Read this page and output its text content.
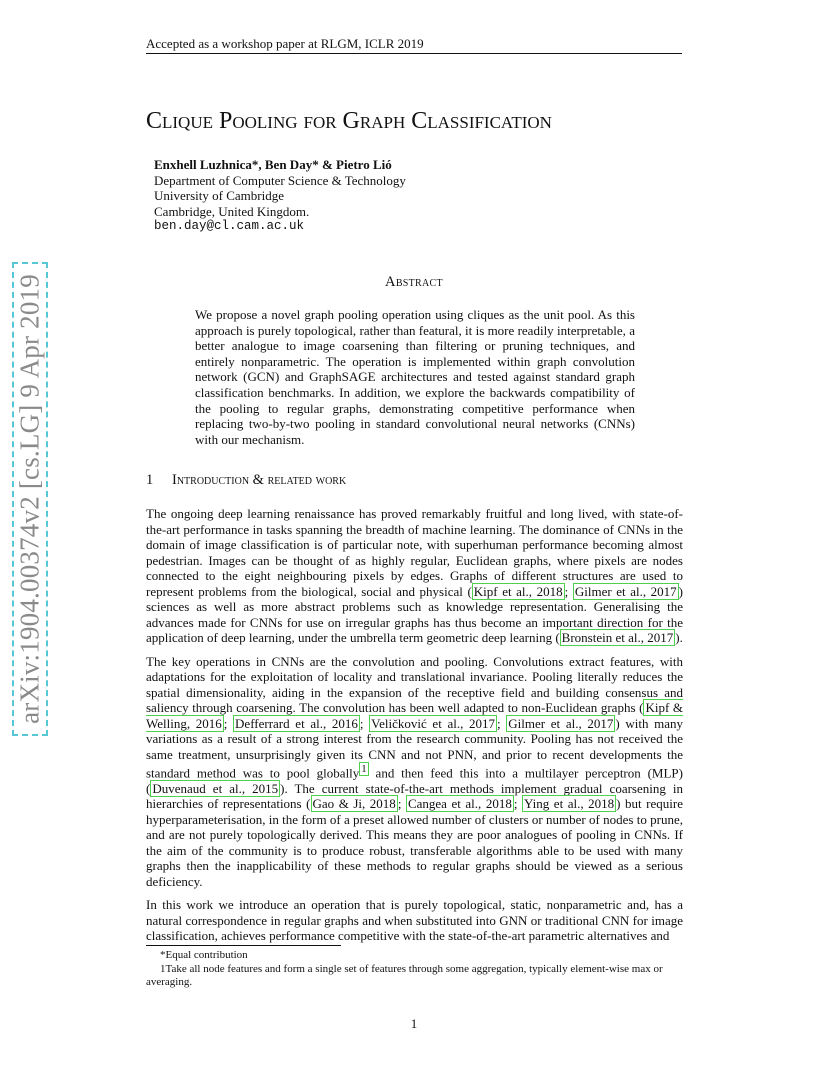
Accepted as a workshop paper at RLGM, ICLR 2019
arXiv:1904.00374v2 [cs.LG] 9 Apr 2019
Clique Pooling for Graph Classification
Enxhell Luzhnica*, Ben Day* & Pietro Lió
Department of Computer Science & Technology
University of Cambridge
Cambridge, United Kingdom.
ben.day@cl.cam.ac.uk
Abstract
We propose a novel graph pooling operation using cliques as the unit pool. As this approach is purely topological, rather than featural, it is more readily interpretable, a better analogue to image coarsening than filtering or pruning techniques, and entirely nonparametric. The operation is implemented within graph convolution network (GCN) and GraphSAGE architectures and tested against standard graph classification benchmarks. In addition, we explore the backwards compatibility of the pooling to regular graphs, demonstrating competitive performance when replacing two-by-two pooling in standard convolutional neural networks (CNNs) with our mechanism.
1 Introduction & related work

The ongoing deep learning renaissance has proved remarkably fruitful and long lived, with state-of-the-art performance in tasks spanning the breadth of machine learning. The dominance of CNNs in the domain of image classification is of particular note, with superhuman performance becoming almost pedestrian. Images can be thought of as highly regular, Euclidean graphs, where pixels are nodes connected to the eight neighbouring pixels by edges. Graphs of different structures are used to represent problems from the biological, social and physical ( Kipf et al., 2018 ; Gilmer et al., 2017 ) sciences as well as more abstract problems such as knowledge representation. Generalising the advances made for CNNs for use on irregular graphs has thus become an important direction for the application of deep learning, under the umbrella term geometric deep learning ( Bronstein et al., 2017 ).

The key operations in CNNs are the convolution and pooling. Convolutions extract features, with adaptations for the exploitation of locality and translational invariance. Pooling literally reduces the spatial dimensionality, aiding in the expansion of the receptive field and building consensus and saliency through coarsening. The convolution has been well adapted to non-Euclidean graphs ( Kipf & Welling, 2016 ; Defferrard et al., 2016 ; Veličković et al., 2017 ; Gilmer et al., 2017 ) with many variations as a result of a strong interest from the research community. Pooling has not received the same treatment, unsurprisingly given its CNN and not PNN, and prior to recent developments the standard method was to pool globally $^1$ and then feed this into a multilayer perceptron (MLP) ( Duvenaud et al., 2015 ). The current state-of-the-art methods implement gradual coarsening in hierarchies of representations ( Gao & Ji, 2018 ; Cangea et al., 2018 ; Ying et al., 2018 ) but require hyperparameterisation, in the form of a preset allowed number of clusters or number of nodes to prune, and are not purely topologically derived. This means they are poor analogues of pooling in CNNs. If the aim of the community is to produce robust, transferable algorithms able to be used with many graphs then the inapplicability of these methods to regular graphs should be viewed as a serious deficiency.

In this work we introduce an operation that is purely topological, static, nonparametric and, has a natural correspondence in regular graphs and when substituted into GNN or traditional CNN for image classification, achieves performance competitive with the state-of-the-art parametric alternatives and

*Equal contribution
1Take all node features and form a single set of features through some aggregation, typically element-wise max or averaging.
1
